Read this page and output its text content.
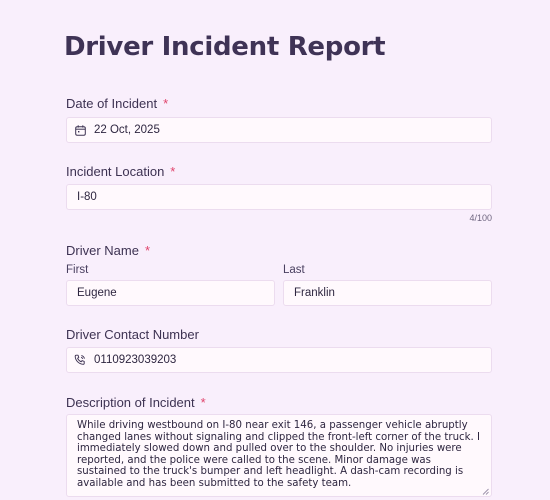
Driver Incident Report
Date of Incident *
22 Oct, 2025
Incident Location *
I-80
4/100
Driver Name *
First	Last
Eugene	Franklin
Driver Contact Number
0110923039203
Description of Incident *
While driving westbound on I-80 near exit 146, a passenger vehicle abruptly changed lanes without signaling and clipped the front-left corner of the truck. I immediately slowed down and pulled over to the shoulder. No injuries were reported, and the police were called to the scene. Minor damage was sustained to the truck's bumper and left headlight. A dash-cam recording is available and has been submitted to the safety team.
